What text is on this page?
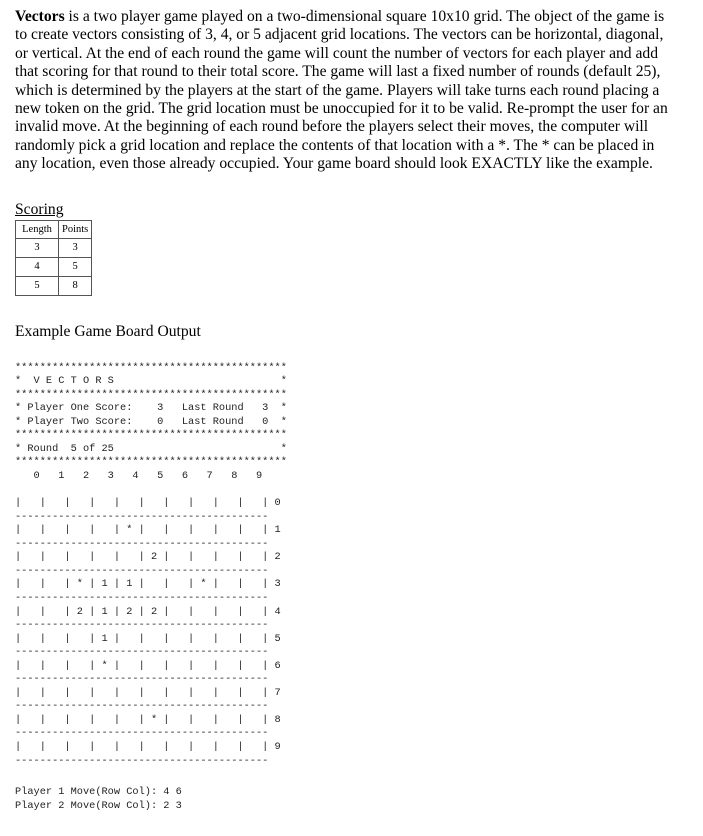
Vectors is a two player game played on a two-dimensional square 10x10 grid. The object of the game is to create vectors consisting of 3, 4, or 5 adjacent grid locations. The vectors can be horizontal, diagonal, or vertical. At the end of each round the game will count the number of vectors for each player and add that scoring for that round to their total score. The game will last a fixed number of rounds (default 25), which is determined by the players at the start of the game. Players will take turns each round placing a new token on the grid. The grid location must be unoccupied for it to be valid. Re-prompt the user for an invalid move. At the beginning of each round before the players select their moves, the computer will randomly pick a grid location and replace the contents of that location with a *. The * can be placed in any location, even those already occupied. Your game board should look EXACTLY like the example.

Scoring
Length	Points
3	3
4	5
5	8
Example Game Board Output
********************************************
*  V E C T O R S                           *
********************************************
* Player One Score:    3   Last Round   3  *
* Player Two Score:    0   Last Round   0  *
********************************************
* Round  5 of 25                           *
********************************************
0   1   2   3   4   5   6   7   8   9

|   |   |   |   |   |   |   |   |   |   | 0
-----------------------------------------
|   |   |   |   | * |   |   |   |   |   | 1
-----------------------------------------
|   |   |   |   |   | 2 |   |   |   |   | 2
-----------------------------------------
|   |   | * | 1 | 1 |   |   | * |   |   | 3
-----------------------------------------
|   |   | 2 | 1 | 2 | 2 |   |   |   |   | 4
-----------------------------------------
|   |   |   | 1 |   |   |   |   |   |   | 5
-----------------------------------------
|   |   |   | * |   |   |   |   |   |   | 6
-----------------------------------------
|   |   |   |   |   |   |   |   |   |   | 7
-----------------------------------------
|   |   |   |   |   | * |   |   |   |   | 8
-----------------------------------------
|   |   |   |   |   |   |   |   |   |   | 9
-----------------------------------------
Player 1 Move(Row Col): 4 6
Player 2 Move(Row Col): 2 3
